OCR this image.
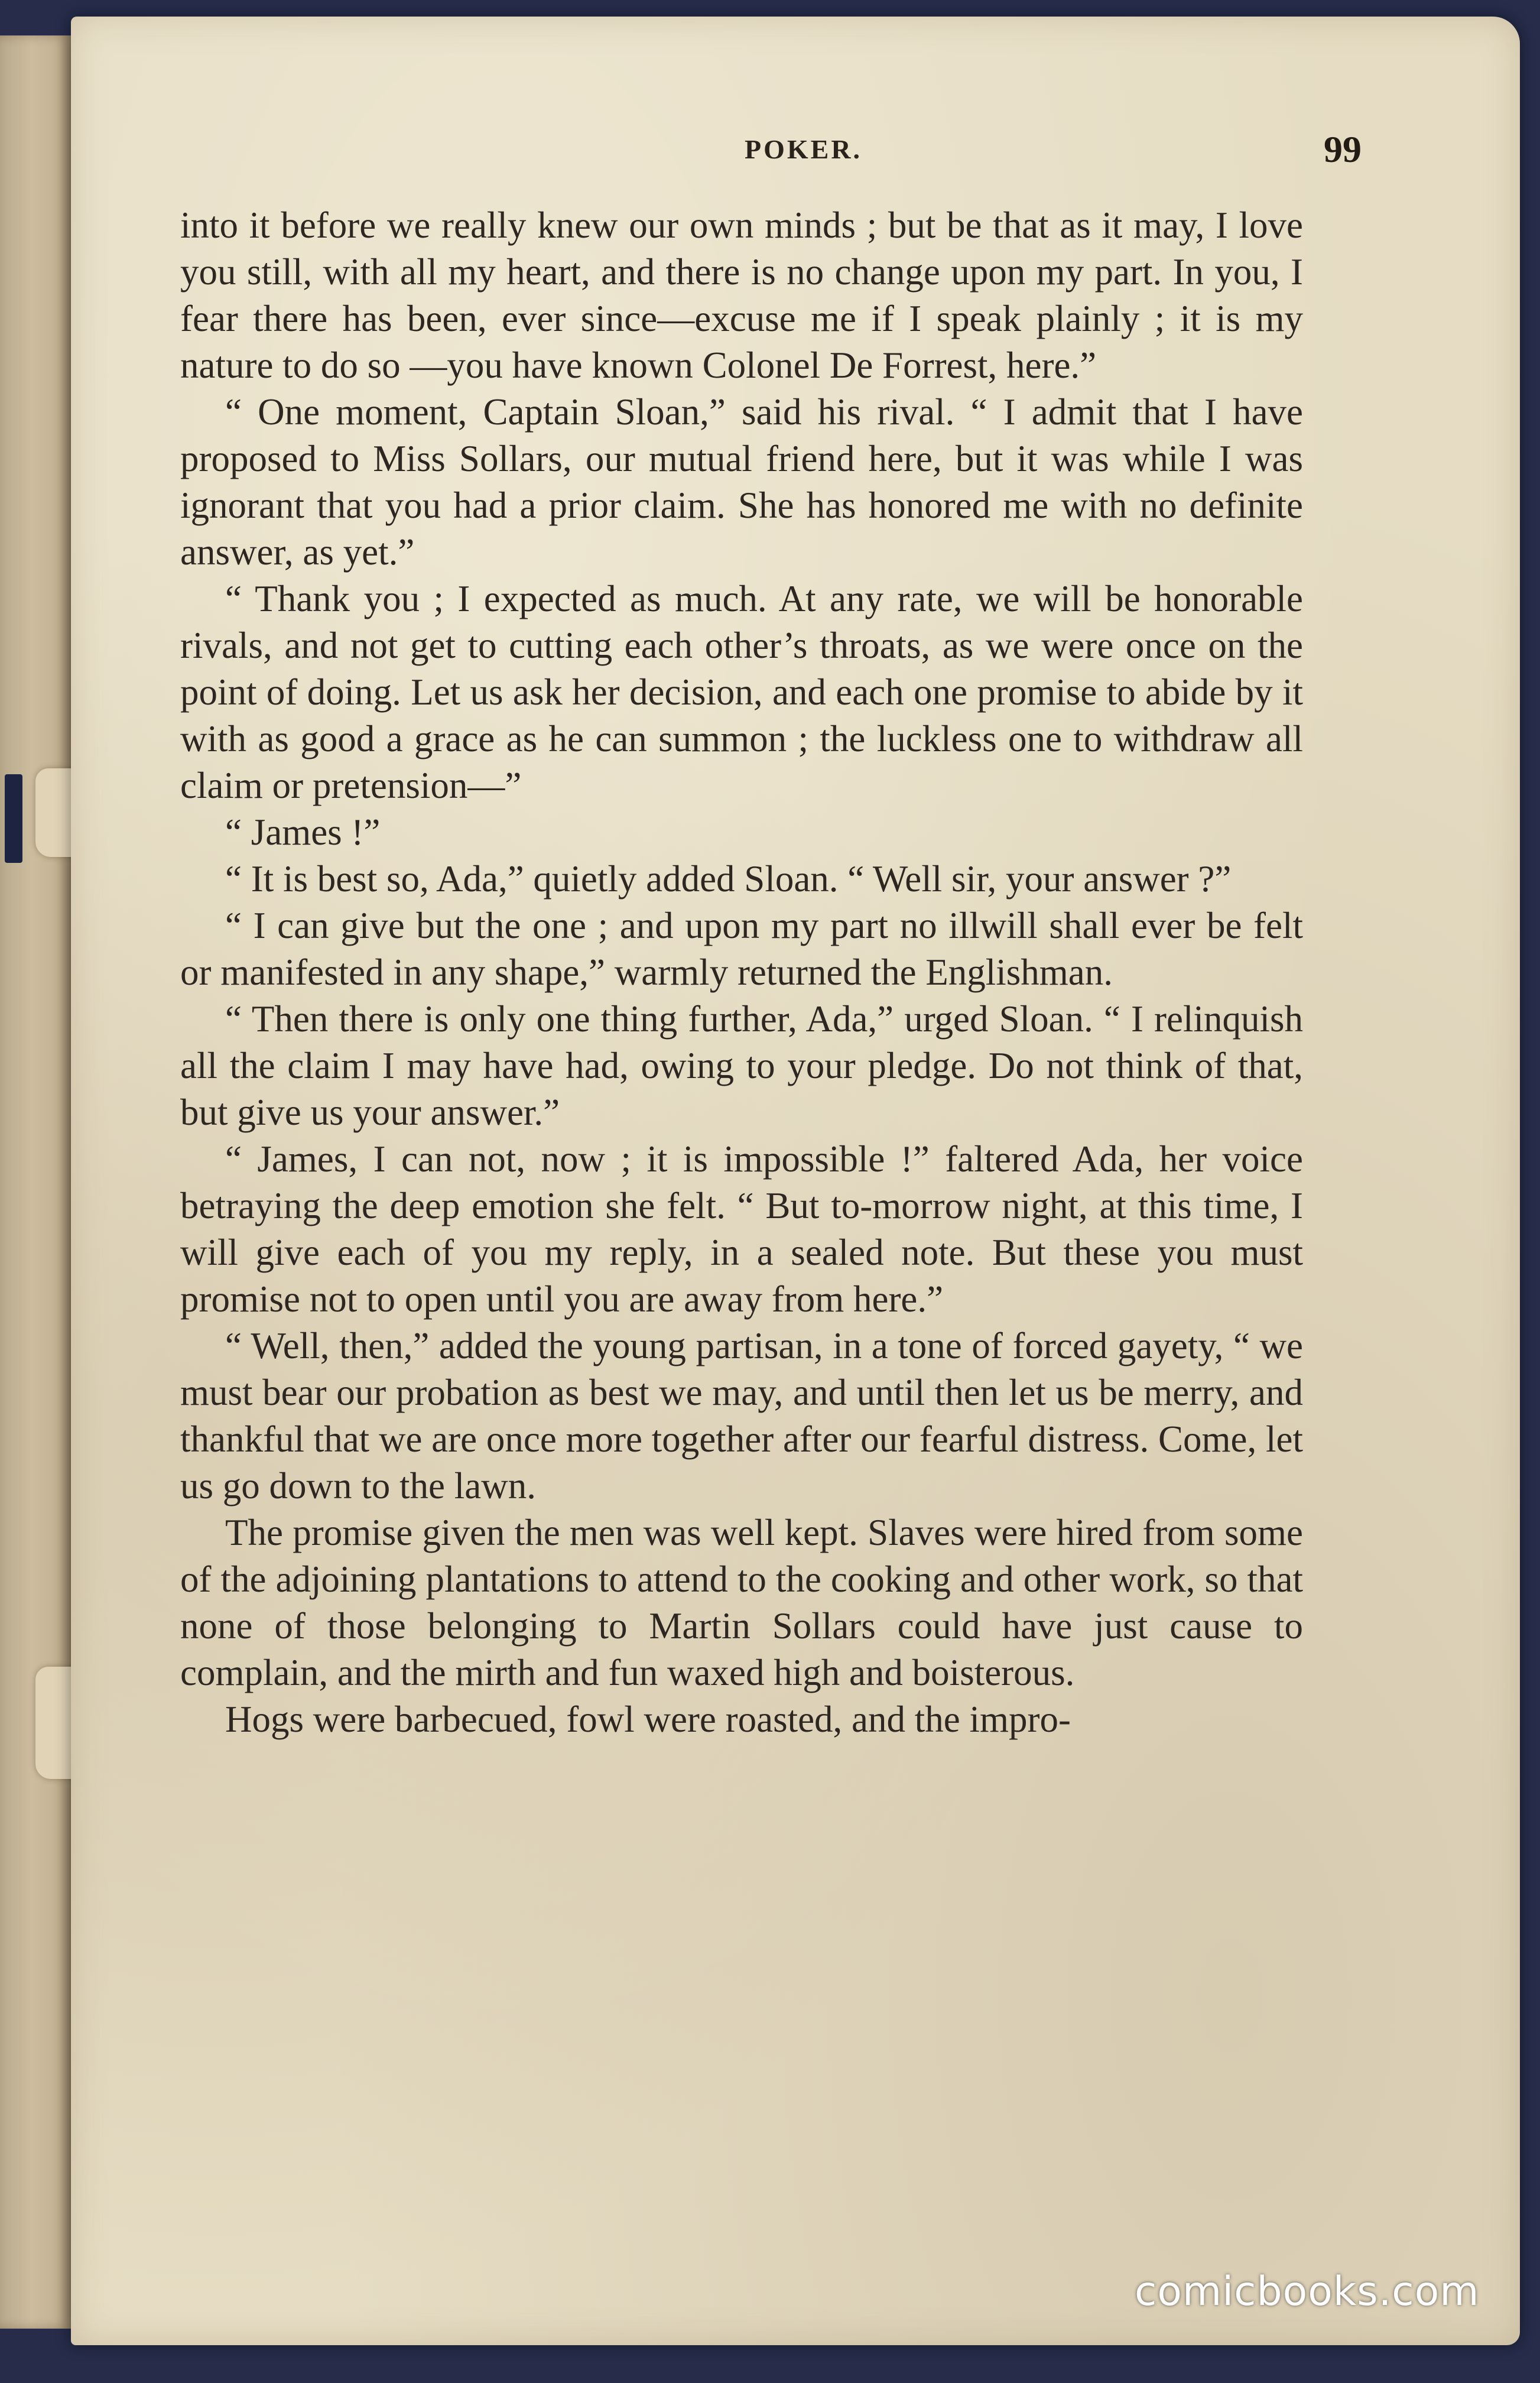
POKER.	99

into it before we really knew our own minds ; but be that as it may, I love you still, with all my heart, and there is no change upon my part. In you, I fear there has been, ever since—excuse me if I speak plainly ; it is my nature to do so —you have known Colonel De Forrest, here.”

“ One moment, Captain Sloan,” said his rival. “ I admit that I have proposed to Miss Sollars, our mutual friend here, but it was while I was ignorant that you had a prior claim. She has honored me with no definite answer, as yet.”

“ Thank you ; I expected as much. At any rate, we will be honorable rivals, and not get to cutting each other’s throats, as we were once on the point of doing. Let us ask her decision, and each one promise to abide by it with as good a grace as he can summon ; the luckless one to withdraw all claim or pretension—”

“ James !”

“ It is best so, Ada,” quietly added Sloan. “ Well sir, your answer ?”

“ I can give but the one ; and upon my part no illwill shall ever be felt or manifested in any shape,” warmly returned the Englishman.

“ Then there is only one thing further, Ada,” urged Sloan. “ I relinquish all the claim I may have had, owing to your pledge. Do not think of that, but give us your answer.”

“ James, I can not, now ; it is impossible !” faltered Ada, her voice betraying the deep emotion she felt. “ But to-morrow night, at this time, I will give each of you my reply, in a sealed note. But these you must promise not to open until you are away from here.”

“ Well, then,” added the young partisan, in a tone of forced gayety, “ we must bear our probation as best we may, and until then let us be merry, and thankful that we are once more together after our fearful distress. Come, let us go down to the lawn.

The promise given the men was well kept. Slaves were hired from some of the adjoining plantations to attend to the cooking and other work, so that none of those belonging to Martin Sollars could have just cause to complain, and the mirth and fun waxed high and boisterous.

Hogs were barbecued, fowl were roasted, and the impro-

comicbooks.com
